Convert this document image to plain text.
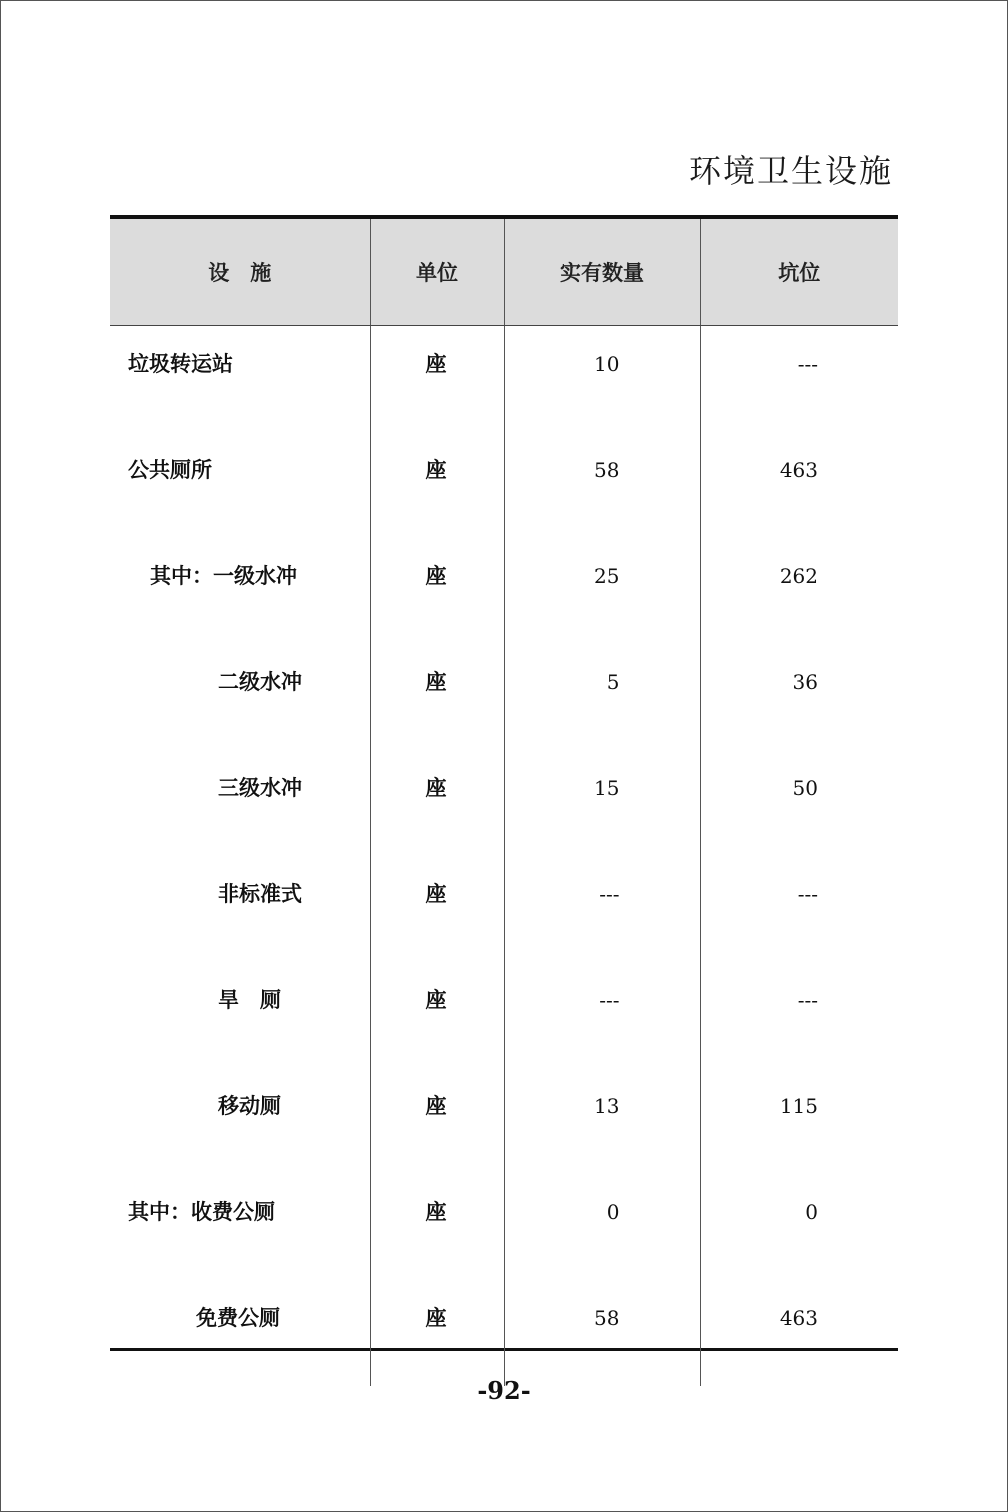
环境卫生设施
设　施	单位	实有数量	坑位

垃圾转运站	座	10	---

公共厕所	座	58	463

其中：一级水冲	座	25	262

二级水冲	座	5	36

三级水冲	座	15	50

非标准式	座	---	---

旱　厕	座	---	---

移动厕	座	13	115

其中：收费公厕	座	0	0

免费公厕	座	58	463
-92-
